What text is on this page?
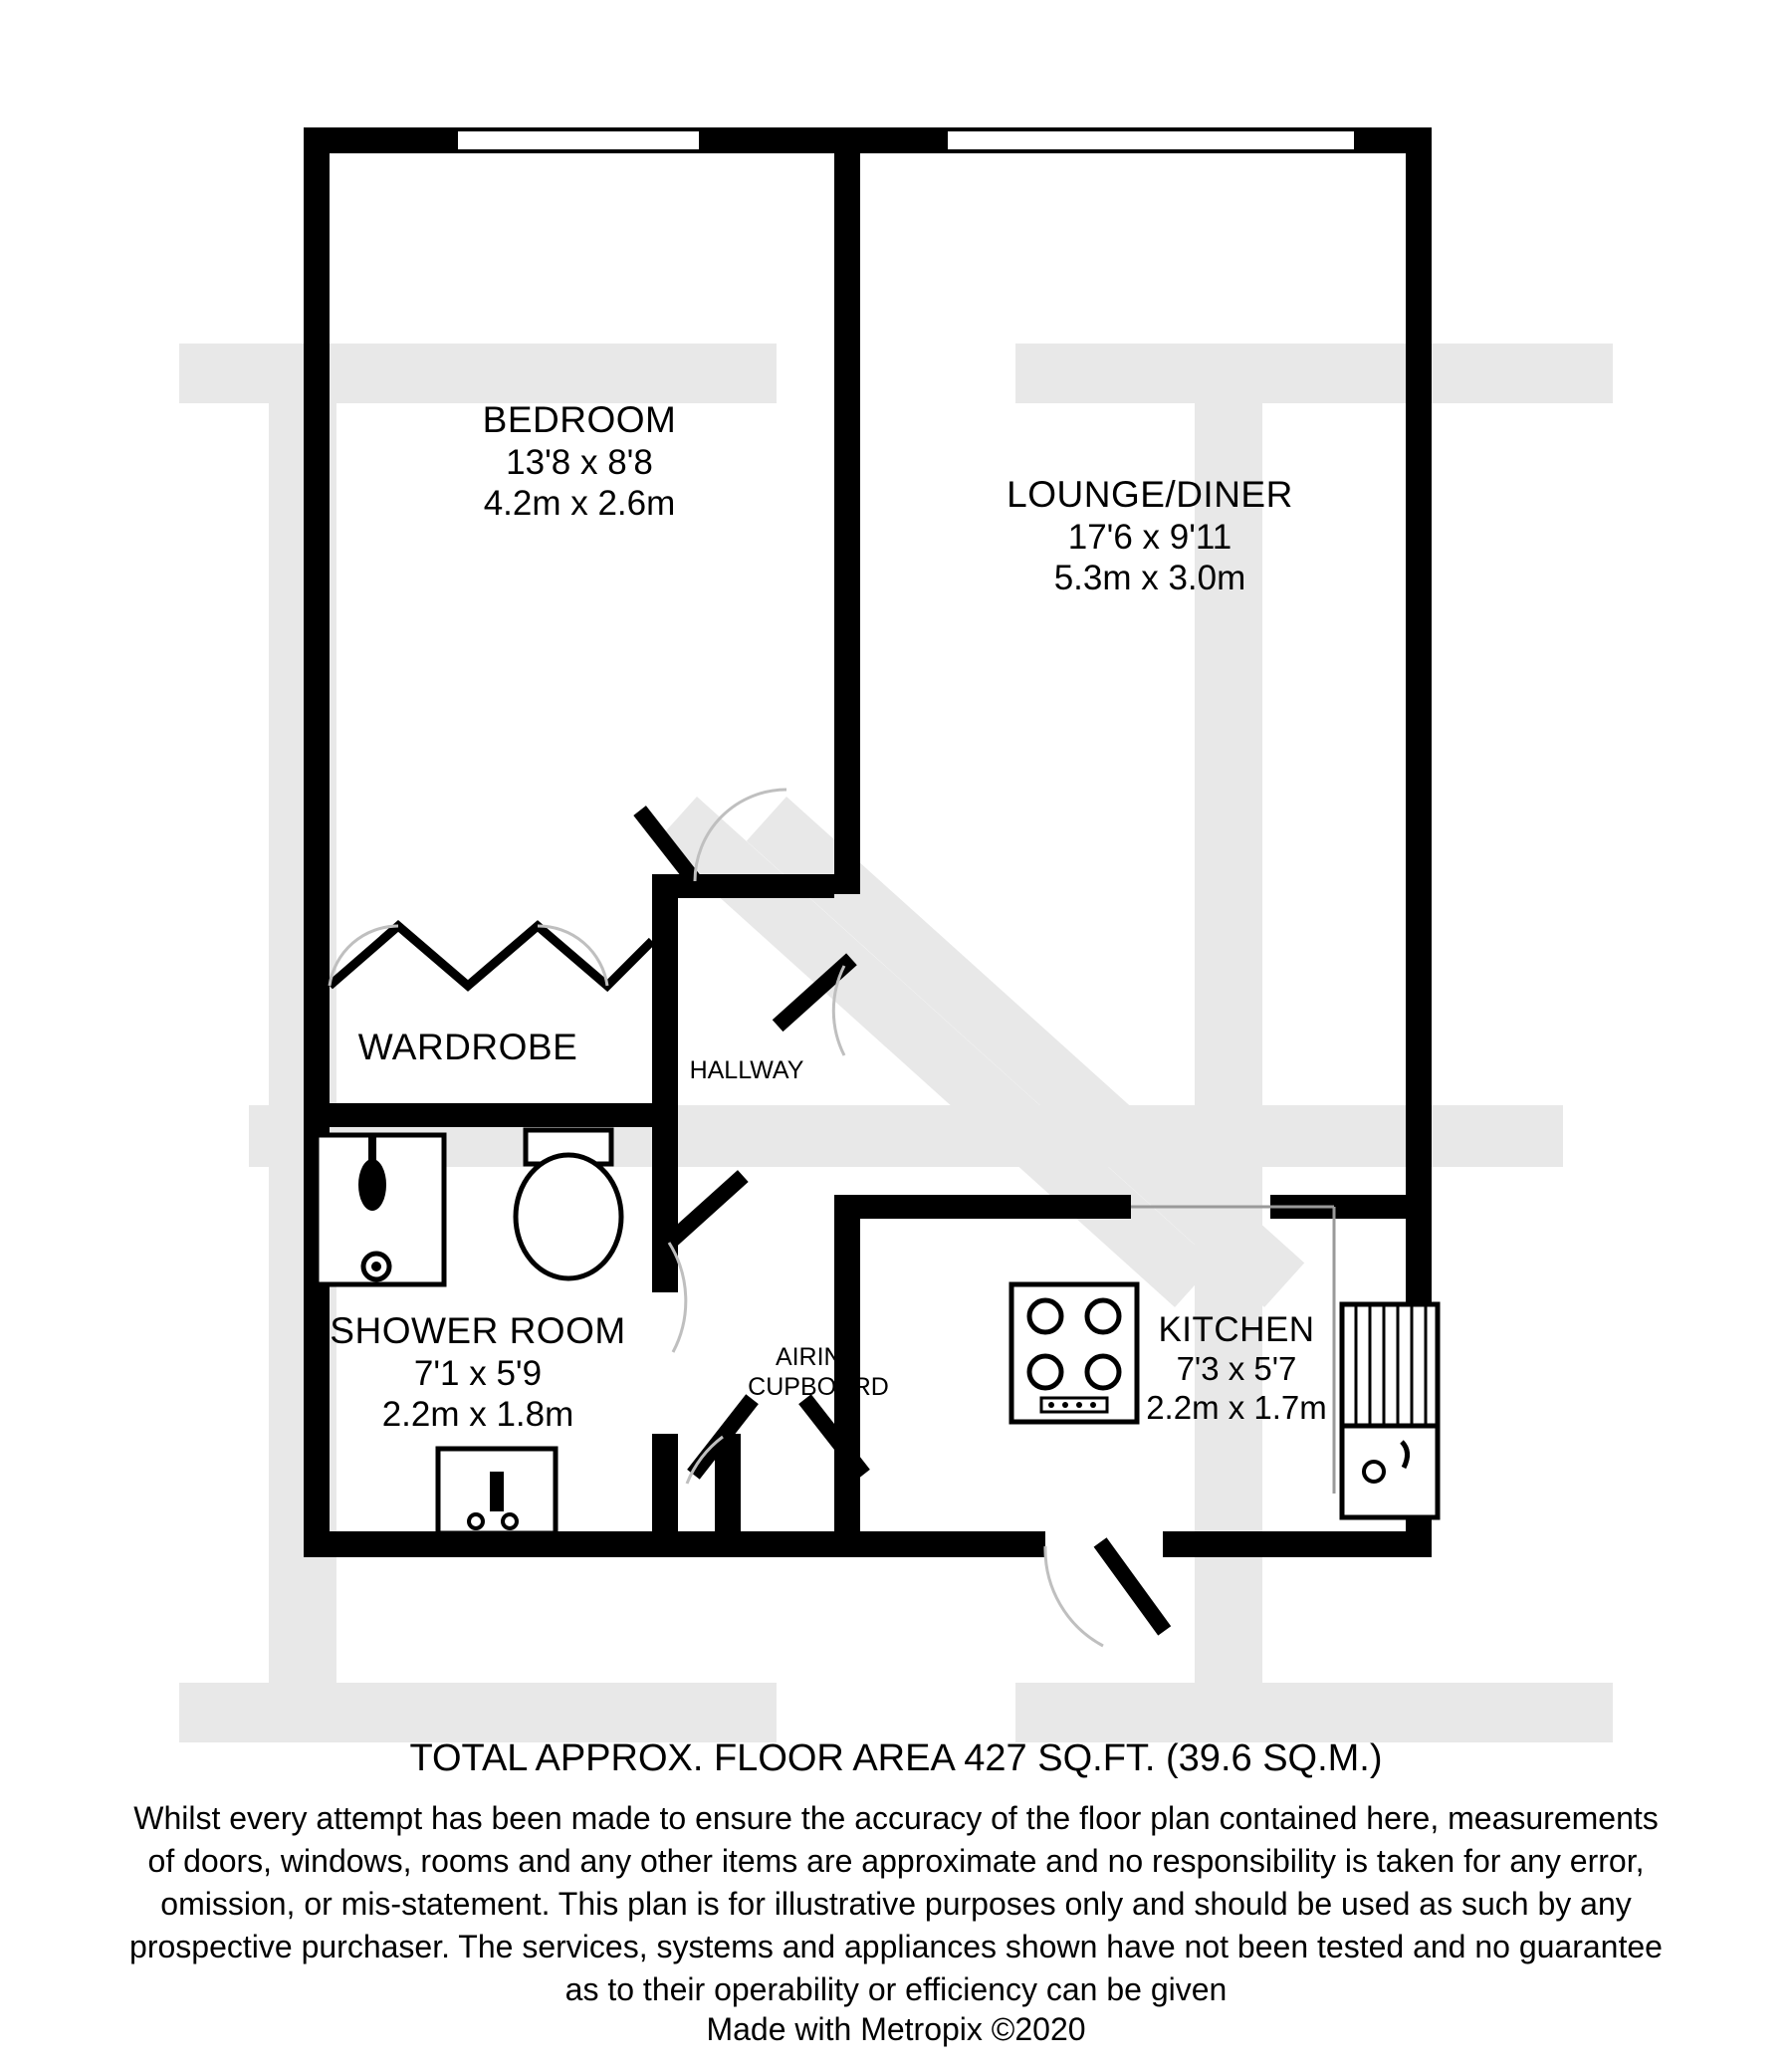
BEDROOM
13'8 x 8'8
4.2m x 2.6m	LOUNGE/DINER
17'6 x 9'11
5.3m x 3.0m
SHOWER ROOM
7'1 x 5'9
2.2m x 1.8m
KITCHEN
7'3 x 5'7
2.2m x 1.7m
WARDROBE
HALLWAY
AIRING
CUPBOARD
TOTAL APPROX. FLOOR AREA 427 SQ.FT. (39.6 SQ.M.)
Whilst every attempt has been made to ensure the accuracy of the floor plan contained here, measurements
of doors, windows, rooms and any other items are approximate and no responsibility is taken for any error,
omission, or mis-statement. This plan is for illustrative purposes only and should be used as such by any
prospective purchaser. The services, systems and appliances shown have not been tested and no guarantee
as to their operability or efficiency can be given
Made with Metropix ©2020
